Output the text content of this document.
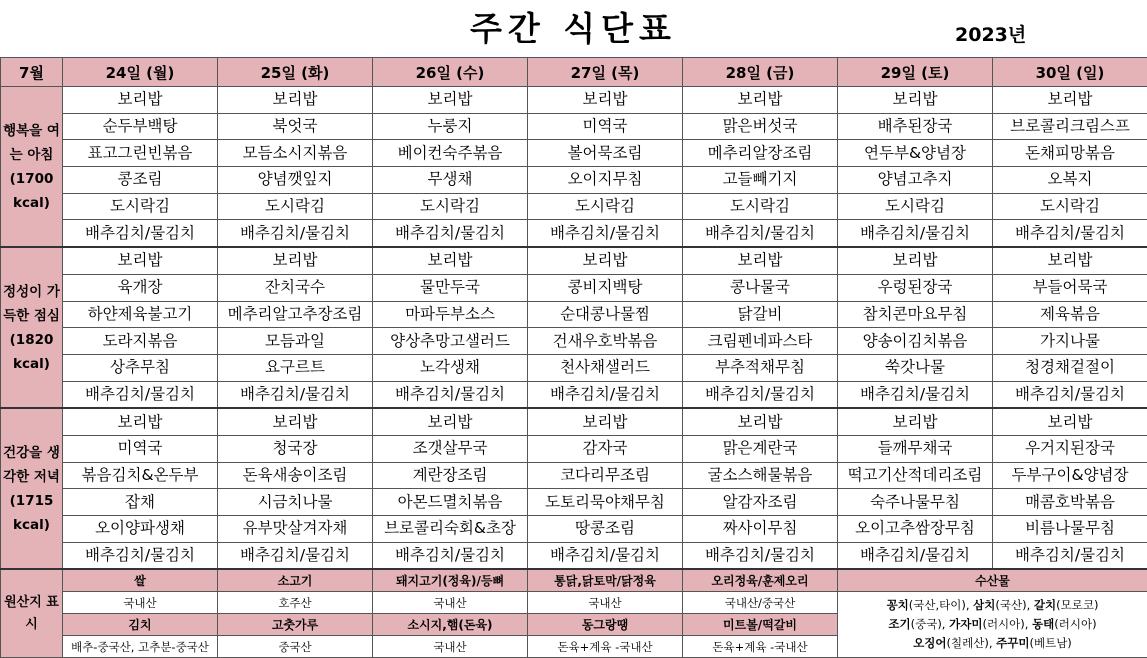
주간 식단표	2023년
7월	24일 (월)	25일 (화)	26일 (수)	27일 (목)	28일 (금)	29일 (토)	30일 (일)
행복을 여는 아침 (1700 kcal)	보리밥	보리밥	보리밥	보리밥	보리밥	보리밥	보리밥
	순두부백탕	북엇국	누룽지	미역국	맑은버섯국	배추된장국	브로콜리크림스프
	표고그린빈볶음	모듬소시지볶음	베이컨숙주볶음	볼어묵조림	메추리알장조림	연두부&양념장	돈채피망볶음
	콩조림	양념깻잎지	무생채	오이지무침	고들빼기지	양념고추지	오복지
	도시락김	도시락김	도시락김	도시락김	도시락김	도시락김	도시락김
	배추김치/물김치	배추김치/물김치	배추김치/물김치	배추김치/물김치	배추김치/물김치	배추김치/물김치	배추김치/물김치
정성이 가득한 점심 (1820 kcal)	보리밥	보리밥	보리밥	보리밥	보리밥	보리밥	보리밥
	육개장	잔치국수	물만두국	콩비지백탕	콩나물국	우렁된장국	부들어묵국
	하얀제육불고기	메추리알고추장조림	마파두부소스	순대콩나물찜	닭갈비	참치콘마요무침	제육볶음
	도라지볶음	모듬과일	양상추망고샐러드	건새우호박볶음	크림펜네파스타	양송이김치볶음	가지나물
	상추무침	요구르트	노각생채	천사채샐러드	부추적채무침	쑥갓나물	청경채겉절이
	배추김치/물김치	배추김치/물김치	배추김치/물김치	배추김치/물김치	배추김치/물김치	배추김치/물김치	배추김치/물김치
건강을 생각한 저녁 (1715 kcal)	보리밥	보리밥	보리밥	보리밥	보리밥	보리밥	보리밥
	미역국	청국장	조갯살무국	감자국	맑은계란국	들깨무채국	우거지된장국
	볶음김치&온두부	돈육새송이조림	계란장조림	코다리무조림	굴소스해물볶음	떡고기산적데리조림	두부구이&양념장
	잡채	시금치나물	아몬드멸치볶음	도토리묵야채무침	알감자조림	숙주나물무침	매콤호박볶음
	오이양파생채	유부맛살겨자채	브로콜리숙회&초장	땅콩조림	짜사이무침	오이고추쌈장무침	비름나물무침
	배추김치/물김치	배추김치/물김치	배추김치/물김치	배추김치/물김치	배추김치/물김치	배추김치/물김치	배추김치/물김치
원산지 표시	쌀	소고기	돼지고기(정육)/등뼈	통닭,닭토막/닭정육	오리정육/훈제오리	수산물	
	국내산	호주산	국내산	국내산	국내산/중국산	꽁치(국산,타이), 삼치(국산), 갈치(모로코)
조기(중국), 가자미(러시아), 동태(러시아)
오징어(칠레산), 주꾸미(베트남)	

	김치	고춧가루	소시지,햄(돈육)	동그랑땡	미트볼/떡갈비		
	배추-중국산, 고추분-중국산	중국산	국내산	돈육+계육 -국내산	돈육+계육 -국내산		
